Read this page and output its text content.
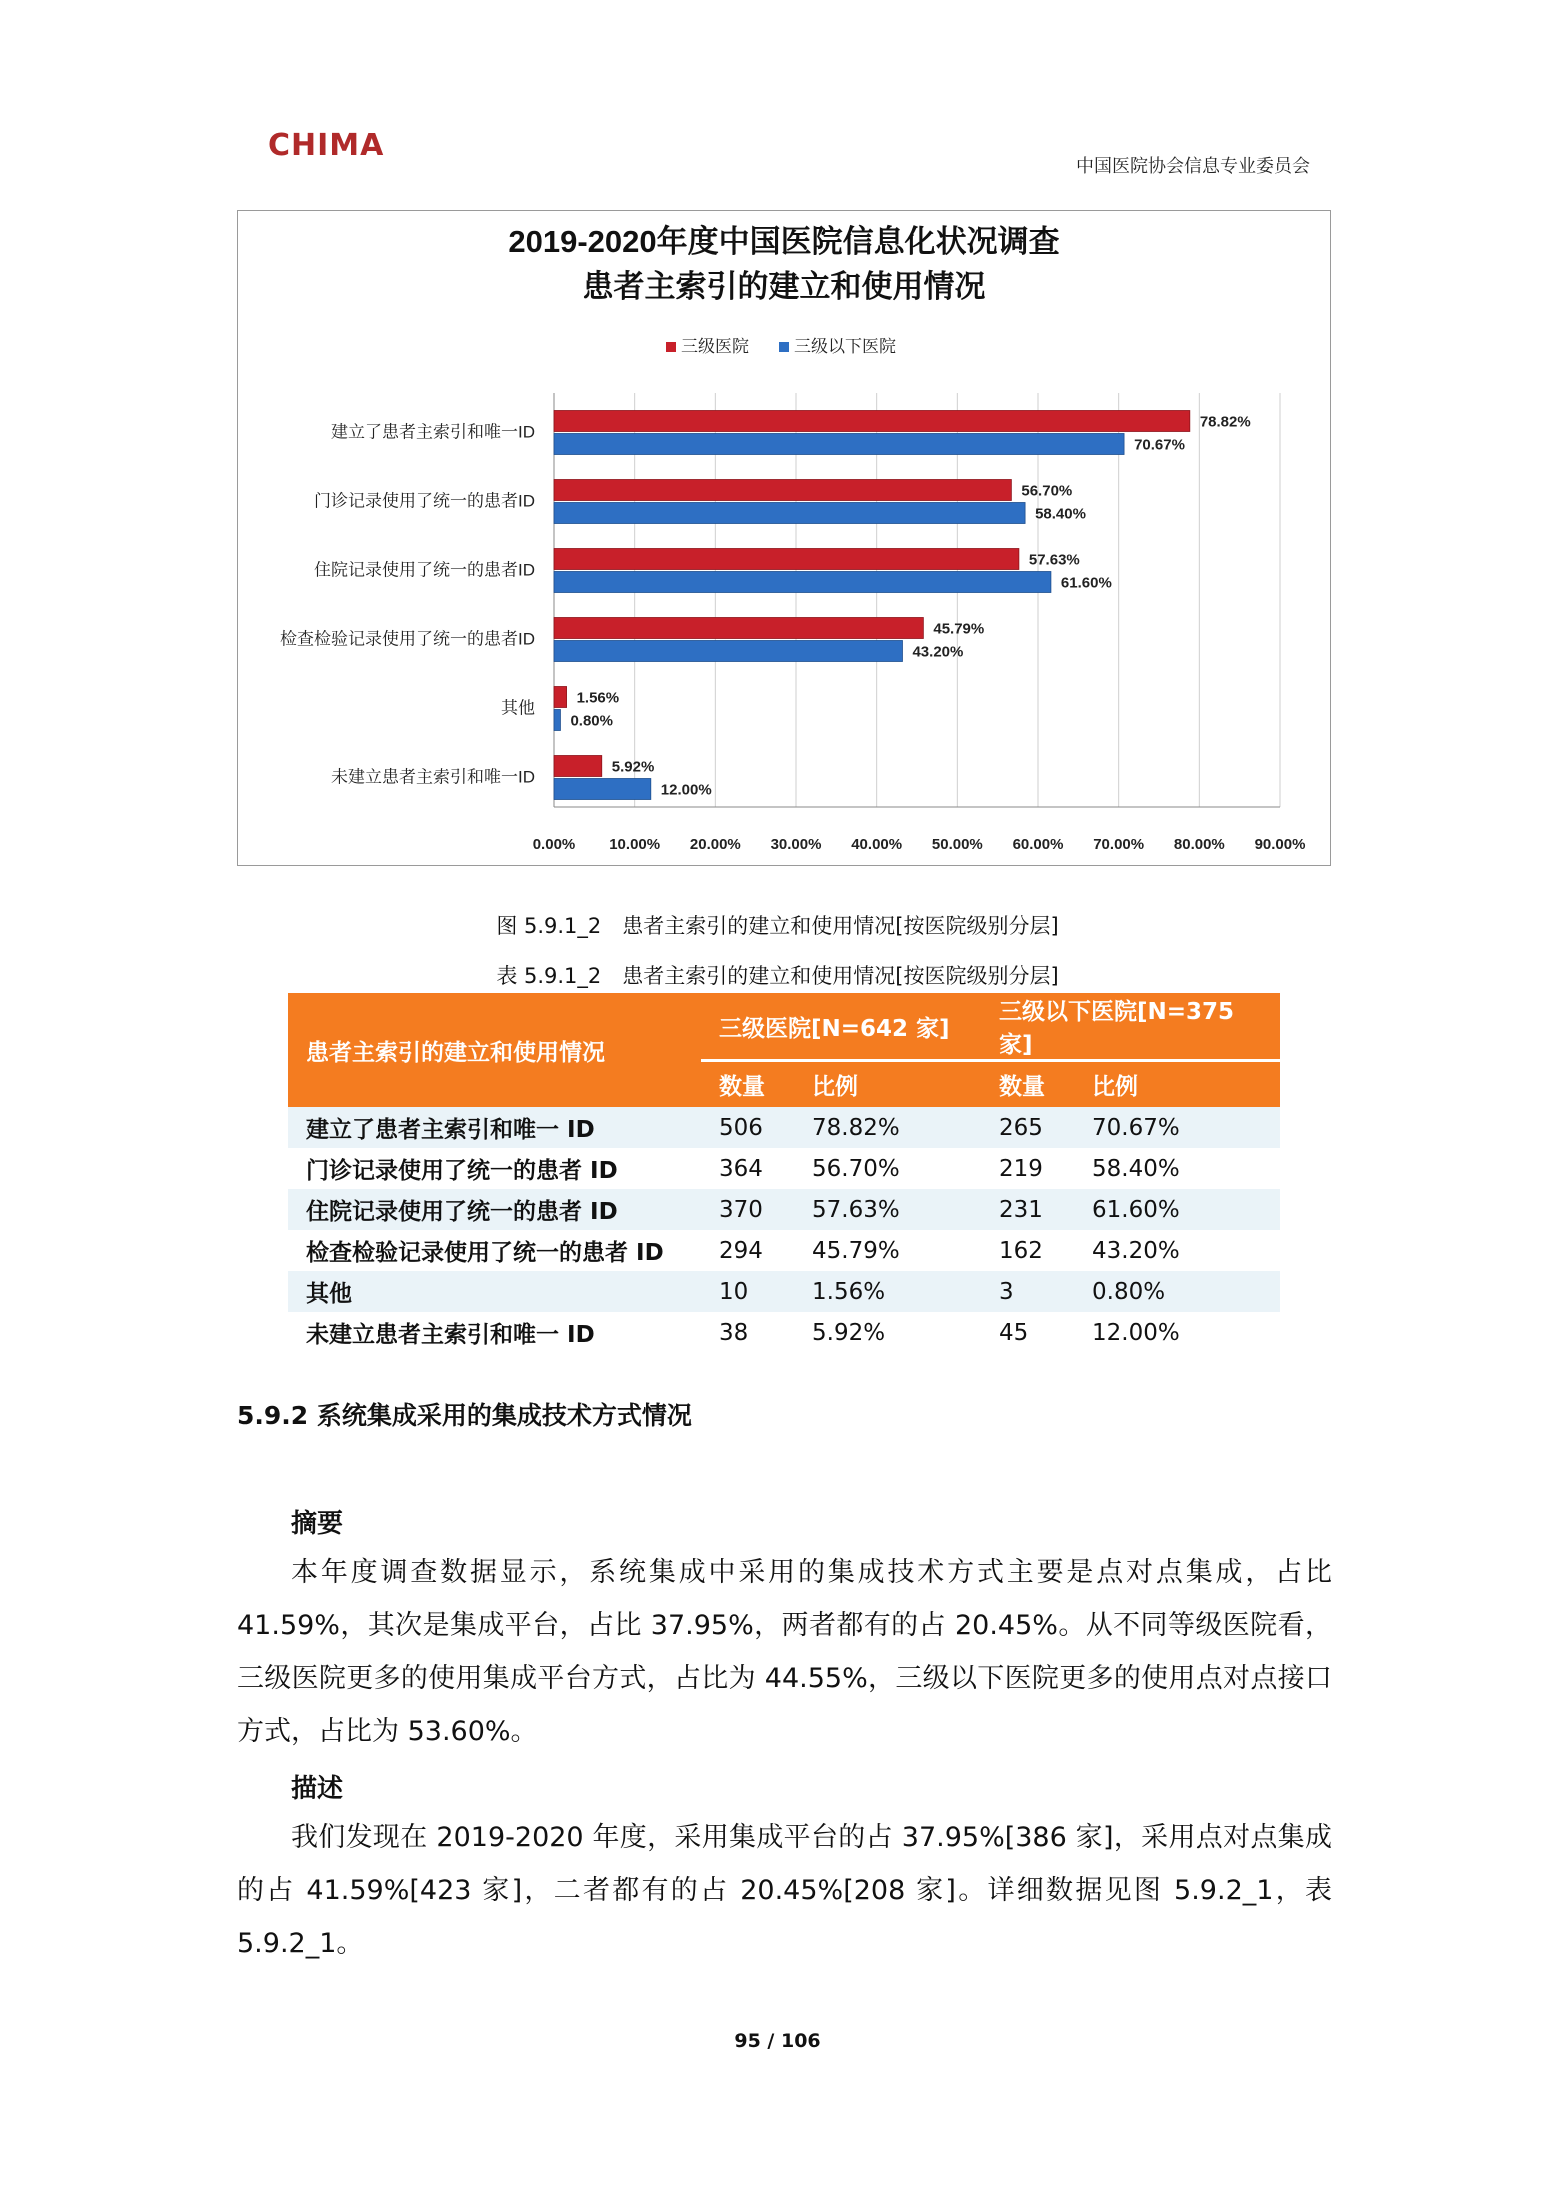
CHIMA
中国医院协会信息专业委员会
2019-2020年度中国医院信息化状况调查
患者主索引的建立和使用情况
三级医院	三级以下医院
78.82%
70.67%
56.70%
58.40%
57.63%
61.60%
45.79%
43.20%
1.56%
0.80%
5.92%
12.00%
建立了患者主索引和唯一ID
门诊记录使用了统一的患者ID
住院记录使用了统一的患者ID
检查检验记录使用了统一的患者ID
其他
未建立患者主索引和唯一ID
0.00% 10.00% 20.00% 30.00% 40.00% 50.00% 60.00% 70.00% 80.00% 90.00%
图 5.9.1_2　患者主索引的建立和使用情况[按医院级别分层]
表 5.9.1_2　患者主索引的建立和使用情况[按医院级别分层]
患者主索引的建立和使用情况	三级医院[N=642 家]		三级以下医院[N=375 家]	
	数量	比例	数量	比例
建立了患者主索引和唯一 ID	506	78.82%	265	70.67%
门诊记录使用了统一的患者 ID	364	56.70%	219	58.40%
住院记录使用了统一的患者 ID	370	57.63%	231	61.60%
检查检验记录使用了统一的患者 ID	294	45.79%	162	43.20%
其他	10	1.56%	3	0.80%
未建立患者主索引和唯一 ID	38	5.92%	45	12.00%
5.9.2 系统集成采用的集成技术方式情况
摘要

本年度调查数据显示，系统集成中采用的集成技术方式主要是点对点集成，占比 41.59%，其次是集成平台，占比 37.95%，两者都有的占 20.45%。从不同等级医院看，三级医院更多的使用集成平台方式，占比为 44.55%，三级以下医院更多的使用点对点接口方式，占比为 53.60%。

描述

我们发现在 2019-2020 年度，采用集成平台的占 37.95%[386 家]，采用点对点集成的占 41.59%[423 家]，二者都有的占 20.45%[208 家]。详细数据见图 5.9.2_1，表 5.9.2_1。

95 / 106
